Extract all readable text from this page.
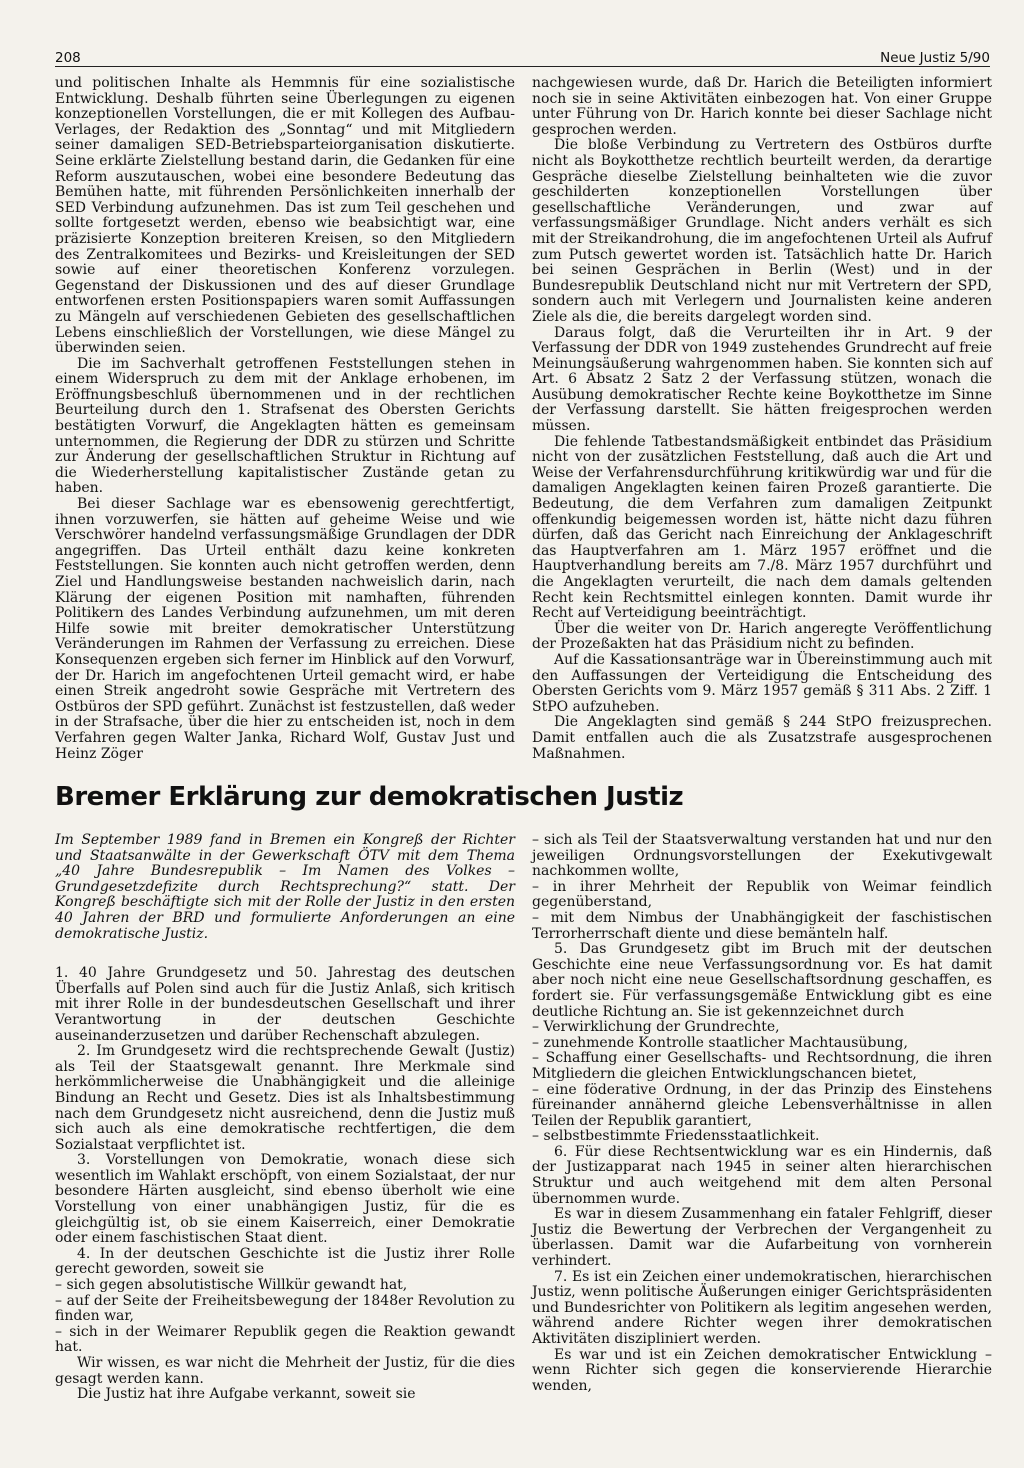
208	Neue Justiz 5/90

und politischen Inhalte als Hemmnis für eine sozialistische Entwicklung. Deshalb führten seine Überlegungen zu eigenen konzeptionellen Vorstellungen, die er mit Kollegen des Aufbau-Verlages, der Redaktion des „Sonntag“ und mit Mitgliedern seiner damaligen SED-Betriebsparteiorganisation diskutierte. Seine erklärte Zielstellung bestand darin, die Gedanken für eine Reform auszutauschen, wobei eine besondere Bedeutung das Bemühen hatte, mit führenden Persönlichkeiten innerhalb der SED Verbindung aufzunehmen. Das ist zum Teil geschehen und sollte fortgesetzt werden, ebenso wie beabsichtigt war, eine präzisierte Konzeption breiteren Kreisen, so den Mitgliedern des Zentralkomitees und Bezirks- und Kreisleitungen der SED sowie auf einer theoretischen Konferenz vorzulegen. Gegenstand der Diskussionen und des auf dieser Grundlage entworfenen ersten Positionspapiers waren somit Auffassungen zu Mängeln auf verschiedenen Gebieten des gesellschaftlichen Lebens einschließlich der Vorstellungen, wie diese Mängel zu überwinden seien.

Die im Sachverhalt getroffenen Feststellungen stehen in einem Widerspruch zu dem mit der Anklage erhobenen, im Eröffnungsbeschluß übernommenen und in der rechtlichen Beurteilung durch den 1. Strafsenat des Obersten Gerichts bestätigten Vorwurf, die Angeklagten hätten es gemeinsam unternommen, die Regierung der DDR zu stürzen und Schritte zur Änderung der gesellschaftlichen Struktur in Richtung auf die Wiederherstellung kapitalistischer Zustände getan zu haben.

Bei dieser Sachlage war es ebensowenig gerechtfertigt, ihnen vorzuwerfen, sie hätten auf geheime Weise und wie Verschwörer handelnd verfassungsmäßige Grundlagen der DDR angegriffen. Das Urteil enthält dazu keine konkreten Feststellungen. Sie konnten auch nicht getroffen werden, denn Ziel und Handlungsweise bestanden nachweislich darin, nach Klärung der eigenen Position mit namhaften, führenden Politikern des Landes Verbindung aufzunehmen, um mit deren Hilfe sowie mit breiter demokratischer Unterstützung Veränderungen im Rahmen der Verfassung zu erreichen. Diese Konsequenzen ergeben sich ferner im Hinblick auf den Vorwurf, der Dr. Harich im angefochtenen Urteil gemacht wird, er habe einen Streik angedroht sowie Gespräche mit Vertretern des Ostbüros der SPD geführt. Zunächst ist festzustellen, daß weder in der Strafsache, über die hier zu entscheiden ist, noch in dem Verfahren gegen Walter Janka, Richard Wolf, Gustav Just und Heinz Zöger

nachgewiesen wurde, daß Dr. Harich die Beteiligten informiert noch sie in seine Aktivitäten einbezogen hat. Von einer Gruppe unter Führung von Dr. Harich konnte bei dieser Sachlage nicht gesprochen werden.

Die bloße Verbindung zu Vertretern des Ostbüros durfte nicht als Boykotthetze rechtlich beurteilt werden, da derartige Gespräche dieselbe Zielstellung beinhalteten wie die zuvor geschilderten konzeptionellen Vorstellungen über gesellschaftliche Veränderungen, und zwar auf verfassungsmäßiger Grundlage. Nicht anders verhält es sich mit der Streikandrohung, die im angefochtenen Urteil als Aufruf zum Putsch gewertet worden ist. Tatsächlich hatte Dr. Harich bei seinen Gesprächen in Berlin (West) und in der Bundesrepublik Deutschland nicht nur mit Vertretern der SPD, sondern auch mit Verlegern und Journalisten keine anderen Ziele als die, die bereits dargelegt worden sind.

Daraus folgt, daß die Verurteilten ihr in Art. 9 der Verfassung der DDR von 1949 zustehendes Grundrecht auf freie Meinungsäußerung wahrgenommen haben. Sie konnten sich auf Art. 6 Absatz 2 Satz 2 der Verfassung stützen, wonach die Ausübung demokratischer Rechte keine Boykotthetze im Sinne der Verfassung darstellt. Sie hätten freigesprochen werden müssen.

Die fehlende Tatbestandsmäßigkeit entbindet das Präsidium nicht von der zusätzlichen Feststellung, daß auch die Art und Weise der Verfahrensdurchführung kritikwürdig war und für die damaligen Angeklagten keinen fairen Prozeß garantierte. Die Bedeutung, die dem Verfahren zum damaligen Zeitpunkt offenkundig beigemessen worden ist, hätte nicht dazu führen dürfen, daß das Gericht nach Einreichung der Anklageschrift das Hauptverfahren am 1. März 1957 eröffnet und die Hauptverhandlung bereits am 7./8. März 1957 durchführt und die Angeklagten verurteilt, die nach dem damals geltenden Recht kein Rechtsmittel einlegen konnten. Damit wurde ihr Recht auf Verteidigung beeinträchtigt.

Über die weiter von Dr. Harich angeregte Veröffentlichung der Prozeßakten hat das Präsidium nicht zu befinden.

Auf die Kassationsanträge war in Übereinstimmung auch mit den Auffassungen der Verteidigung die Entscheidung des Obersten Gerichts vom 9. März 1957 gemäß § 311 Abs. 2 Ziff. 1 StPO aufzuheben.

Die Angeklagten sind gemäß § 244 StPO freizusprechen. Damit entfallen auch die als Zusatzstrafe ausgesprochenen Maßnahmen.

Bremer Erklärung zur demokratischen Justiz

Im September 1989 fand in Bremen ein Kongreß der Richter und Staatsanwälte in der Gewerkschaft ÖTV mit dem Thema „40 Jahre Bundesrepublik – Im Namen des Volkes – Grundgesetzdefizite durch Rechtsprechung?“ statt. Der Kongreß beschäftigte sich mit der Rolle der Justiz in den ersten 40 Jahren der BRD und formulierte Anforderungen an eine demokratische Justiz.

1. 40 Jahre Grundgesetz und 50. Jahrestag des deutschen Überfalls auf Polen sind auch für die Justiz Anlaß, sich kritisch mit ihrer Rolle in der bundesdeutschen Gesellschaft und ihrer Verantwortung in der deutschen Geschichte auseinanderzusetzen und darüber Rechenschaft abzulegen.

2. Im Grundgesetz wird die rechtsprechende Gewalt (Justiz) als Teil der Staatsgewalt genannt. Ihre Merkmale sind herkömmlicherweise die Unabhängigkeit und die alleinige Bindung an Recht und Gesetz. Dies ist als Inhaltsbestimmung nach dem Grundgesetz nicht ausreichend, denn die Justiz muß sich auch als eine demokratische rechtfertigen, die dem Sozialstaat verpflichtet ist.

3. Vorstellungen von Demokratie, wonach diese sich wesentlich im Wahlakt erschöpft, von einem Sozialstaat, der nur besondere Härten ausgleicht, sind ebenso überholt wie eine Vorstellung von einer unabhängigen Justiz, für die es gleichgültig ist, ob sie einem Kaiserreich, einer Demokratie oder einem faschistischen Staat dient.

4. In der deutschen Geschichte ist die Justiz ihrer Rolle gerecht geworden, soweit sie

– sich gegen absolutistische Willkür gewandt hat,

– auf der Seite der Freiheitsbewegung der 1848er Revolution zu finden war,

– sich in der Weimarer Republik gegen die Reaktion gewandt hat.

Wir wissen, es war nicht die Mehrheit der Justiz, für die dies gesagt werden kann.

Die Justiz hat ihre Aufgabe verkannt, soweit sie

– sich als Teil der Staatsverwaltung verstanden hat und nur den jeweiligen Ordnungsvorstellungen der Exekutivgewalt nachkommen wollte,

– in ihrer Mehrheit der Republik von Weimar feindlich gegenüberstand,

– mit dem Nimbus der Unabhängigkeit der faschistischen Terrorherrschaft diente und diese bemänteln half.

5. Das Grundgesetz gibt im Bruch mit der deutschen Geschichte eine neue Verfassungsordnung vor. Es hat damit aber noch nicht eine neue Gesellschaftsordnung geschaffen, es fordert sie. Für verfassungsgemäße Entwicklung gibt es eine deutliche Richtung an. Sie ist gekennzeichnet durch

– Verwirklichung der Grundrechte,

– zunehmende Kontrolle staatlicher Machtausübung,

– Schaffung einer Gesellschafts- und Rechtsordnung, die ihren Mitgliedern die gleichen Entwicklungschancen bietet,

– eine föderative Ordnung, in der das Prinzip des Einstehens füreinander annähernd gleiche Lebensverhältnisse in allen Teilen der Republik garantiert,

– selbstbestimmte Friedensstaatlichkeit.

6. Für diese Rechtsentwicklung war es ein Hindernis, daß der Justizapparat nach 1945 in seiner alten hierarchischen Struktur und auch weitgehend mit dem alten Personal übernommen wurde.

Es war in diesem Zusammenhang ein fataler Fehlgriff, dieser Justiz die Bewertung der Verbrechen der Vergangenheit zu überlassen. Damit war die Aufarbeitung von vornherein verhindert.

7. Es ist ein Zeichen einer undemokratischen, hierarchischen Justiz, wenn politische Äußerungen einiger Gerichtspräsidenten und Bundesrichter von Politikern als legitim angesehen werden, während andere Richter wegen ihrer demokratischen Aktivitäten diszipliniert werden.

Es war und ist ein Zeichen demokratischer Entwicklung – wenn Richter sich gegen die konservierende Hierarchie wenden,
